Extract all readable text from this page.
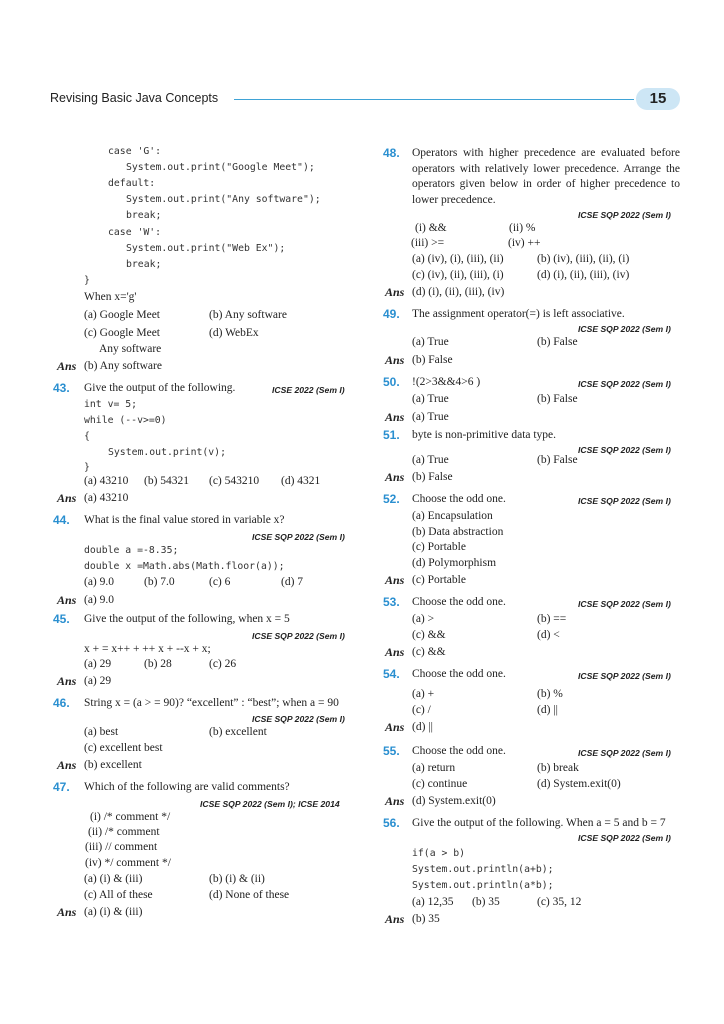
Revising Basic Java Concepts	15
case 'G':
System.out.print("Google Meet");
default:
System.out.print("Any software");
break;
case 'W':
System.out.print("Web Ex");
break;
}
When x='g'
(a) Google Meet	(b) Any software
(c) Google Meet	(d) WebEx
Any software
Ans (b) Any software
43. Give the output of the following.	ICSE 2022 (Sem I)
int v= 5;
while (--v>=0)
{
System.out.print(v);
}
(a) 43210 (b) 54321 (c) 543210 (d) 4321
Ans (a) 43210
44. What is the final value stored in variable x?
ICSE SQP 2022 (Sem I)
double a =-8.35;
double x =Math.abs(Math.floor(a));
(a) 9.0	(b) 7.0	(c) 6	(d) 7
Ans (a) 9.0
45. Give the output of the following, when x = 5
ICSE SQP 2022 (Sem I)
x + = x++ + ++ x + --x + x;
(a) 29	(b) 28	(c) 26
Ans (a) 29
46. String x = (a > = 90)? “excellent” : “best”; when a = 90
ICSE SQP 2022 (Sem I)
(a) best	(b) excellent
(c) excellent best
Ans (b) excellent
47. Which of the following are valid comments?
ICSE SQP 2022 (Sem I); ICSE 2014
(i) /* comment */
(ii) /* comment
(iii) // comment
(iv) */ comment */
(a) (i) & (iii)	(b) (i) & (ii)
(c) All of these	(d) None of these
Ans (a) (i) & (iii)
48. Operators with higher precedence are evaluated before operators with relatively lower precedence. Arrange the operators given below in order of higher precedence to lower precedence.
ICSE SQP 2022 (Sem I)
(i) &&	(ii) %
(iii) >=	(iv) ++
(a) (iv), (i), (iii), (ii)	(b) (iv), (iii), (ii), (i)
(c) (iv), (ii), (iii), (i)	(d) (i), (ii), (iii), (iv)
Ans (d) (i), (ii), (iii), (iv)
49. The assignment operator(=) is left associative.
ICSE SQP 2022 (Sem I)
(a) True	(b) False
Ans (b) False
50. !(2>3&&4>6 )	ICSE SQP 2022 (Sem I)
(a) True	(b) False
Ans (a) True
51. byte is non-primitive data type.
ICSE SQP 2022 (Sem I)
(a) True	(b) False
Ans (b) False
52. Choose the odd one.	ICSE SQP 2022 (Sem I)
(a) Encapsulation
(b) Data abstraction
(c) Portable
(d) Polymorphism
Ans (c) Portable
53. Choose the odd one.	ICSE SQP 2022 (Sem I)
(a) >	(b) ==
(c) &&	(d) <
Ans (c) &&
54. Choose the odd one.	ICSE SQP 2022 (Sem I)
(a) +	(b) %
(c) /	(d) ||
Ans (d) ||
55. Choose the odd one.	ICSE SQP 2022 (Sem I)
(a) return	(b) break
(c) continue	(d) System.exit(0)
Ans (d) System.exit(0)
56. Give the output of the following. When a = 5 and b = 7
ICSE SQP 2022 (Sem I)
if(a > b)
System.out.println(a+b);
System.out.println(a*b);
(a) 12,35 (b) 35	(c) 35, 12
Ans (b) 35
